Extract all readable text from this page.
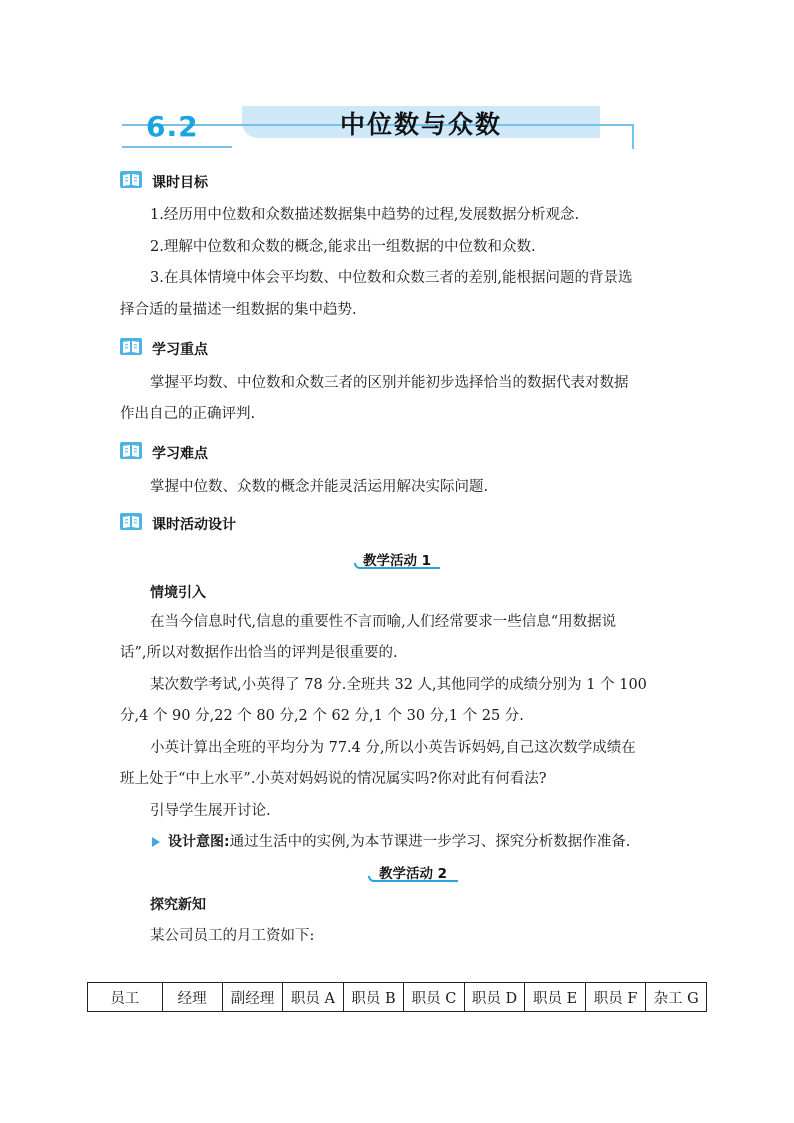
6.2	中位数与众数
课时目标
1.经历用中位数和众数描述数据集中趋势的过程,发展数据分析观念.
2.理解中位数和众数的概念,能求出一组数据的中位数和众数.
3.在具体情境中体会平均数、中位数和众数三者的差别,能根据问题的背景选
择合适的量描述一组数据的集中趋势.
学习重点
掌握平均数、中位数和众数三者的区别并能初步选择恰当的数据代表对数据
作出自己的正确评判.
学习难点
掌握中位数、众数的概念并能灵活运用解决实际问题.
课时活动设计
教学活动 1
情境引入
在当今信息时代,信息的重要性不言而喻,人们经常要求一些信息“用数据说
话”,所以对数据作出恰当的评判是很重要的.
某次数学考试,小英得了 78 分.全班共 32 人,其他同学的成绩分别为 1 个 100
分,4 个 90 分,22 个 80 分,2 个 62 分,1 个 30 分,1 个 25 分.
小英计算出全班的平均分为 77.4 分,所以小英告诉妈妈,自己这次数学成绩在
班上处于“中上水平”.小英对妈妈说的情况属实吗?你对此有何看法?
引导学生展开讨论.
设计意图:通过生活中的实例,为本节课进一步学习、探究分析数据作准备.
教学活动 2
探究新知
某公司员工的月工资如下:
员工	经理	副经理	职员 A	职员 B	职员 C	职员 D	职员 E	职员 F	杂工 G
